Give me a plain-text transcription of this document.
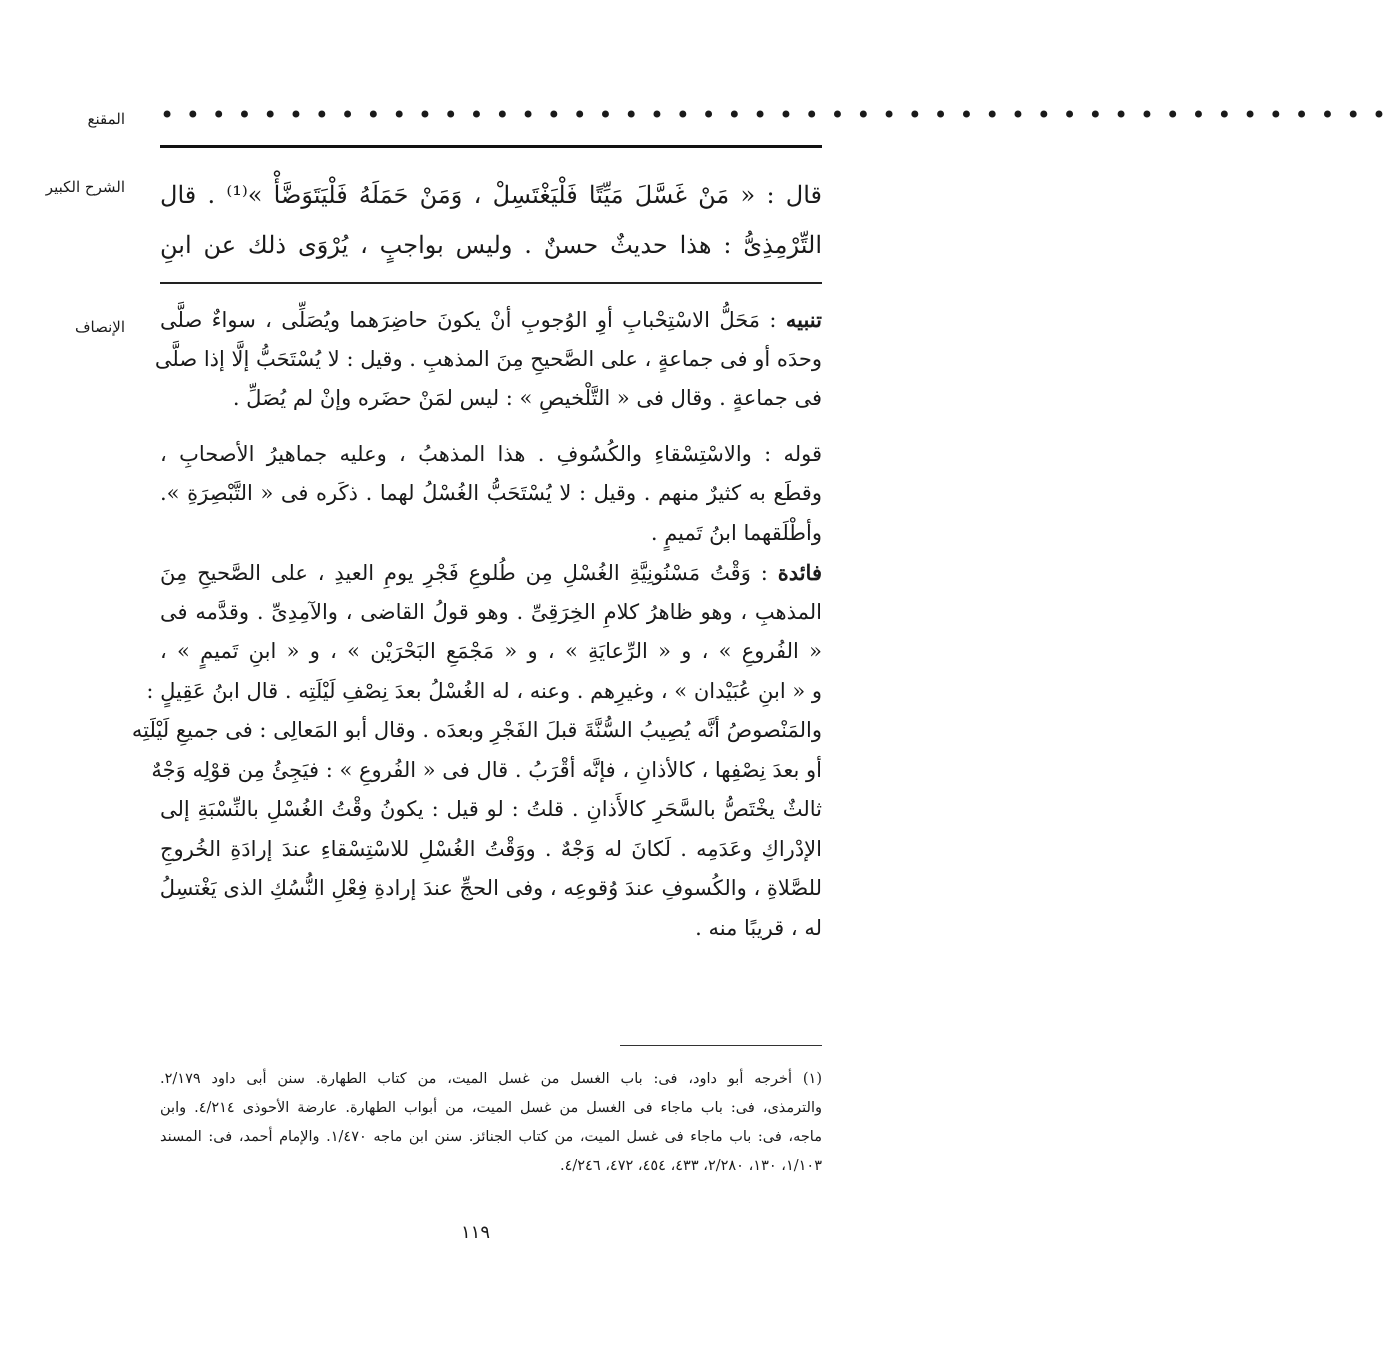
• • • • • • • • • • • • • • • • • • • • • • • • • • • • • • • • • • • • • • • • • • • • • • • •
المقنع
الشرح الكبير قال : « مَنْ غَسَّلَ مَيِّتًا فَلْيَغْتَسِلْ ، وَمَنْ حَمَلَهُ فَلْيَتَوَضَّأْ »⁽¹⁾ . قال
التِّرْمِذِىُّ : هذا حديثٌ حسنٌ . وليس بواجبٍ ، يُرْوَى ذلك عن ابنِ
الإنصاف	تنبيه : مَحَلُّ الاسْتِحْبابِ أوِ الوُجوبِ أنْ يكونَ حاضِرَهما ويُصَلِّى ، سواءٌ صلَّى
وحدَه أو فى جماعةٍ ، على الصَّحيحِ مِنَ المذهبِ . وقيل : لا يُسْتَحَبُّ إلَّا إذا صلَّى
فى جماعةٍ . وقال فى « التَّلْخيصِ » : ليس لمَنْ حضَره وإنْ لم يُصَلِّ .
قوله : والاسْتِسْقاءِ والكُسُوفِ . هذا المذهبُ ، وعليه جماهيرُ الأصحابِ ،
وقطَع به كثيرٌ منهم . وقيل : لا يُسْتَحَبُّ الغُسْلُ لهما . ذكَره فى « التَّبْصِرَةِ ».
وأطْلَقهما ابنُ تَميمٍ .
فائدة : وَقْتُ مَسْنُونِيَّةِ الغُسْلِ مِن طُلوعِ فَجْرِ يومِ العيدِ ، على الصَّحيحِ مِنَ
المذهبِ ، وهو ظاهرُ كلامِ الخِرَقِىِّ . وهو قولُ القاضى ، والآمِدِىِّ . وقدَّمه فى
« الفُروعِ » ، و « الرِّعايَةِ » ، و « مَجْمَعِ البَحْرَيْن » ، و « ابنِ تَميمٍ » ،
و « ابنِ عُبَيْدان » ، وغيرِهم . وعنه ، له الغُسْلُ بعدَ نِصْفِ لَيْلَتِه . قال ابنُ عَقِيلٍ :
والمَنْصوصُ أنَّه يُصِيبُ السُّنَّةَ قبلَ الفَجْرِ وبعدَه . وقال أبو المَعالِى : فى جميعِ لَيْلَتِه
أو بعدَ نِصْفِها ، كالأذانِ ، فإنَّه أقْرَبُ . قال فى « الفُروعِ » : فيَجِئُ مِن قوْلِه وَجْهٌ
ثالثٌ يخْتَصُّ بالسَّحَرِ كالأَذانِ . قلتُ : لو قيل : يكونُ وقْتُ الغُسْلِ بالنِّسْبَةِ إلى
الإدْراكِ وعَدَمِه . لَكانَ له وَجْهٌ . ووَقْتُ الغُسْلِ للاسْتِسْقاءِ عندَ إرادَةِ الخُروجِ
للصَّلاةِ ، والكُسوفِ عندَ وُقوعِه ، وفى الحجِّ عندَ إرادةِ فِعْلِ النُّسُكِ الذى يَغْتسِلُ
له ، قريبًا منه .
(١) أخرجه أبو داود، فى: باب الغسل من غسل الميت، من كتاب الطهارة. سنن أبى داود ٢/١٧٩.
والترمذى، فى: باب ماجاء فى الغسل من غسل الميت، من أبواب الطهارة. عارضة الأحوذى ٤/٢١٤. وابن
ماجه، فى: باب ماجاء فى غسل الميت، من كتاب الجنائز. سنن ابن ماجه ١/٤٧٠. والإمام أحمد، فى: المسند
١/١٠٣، ١٣٠، ٢/٢٨٠، ٤٣٣، ٤٥٤، ٤٧٢، ٤/٢٤٦.
١١٩
